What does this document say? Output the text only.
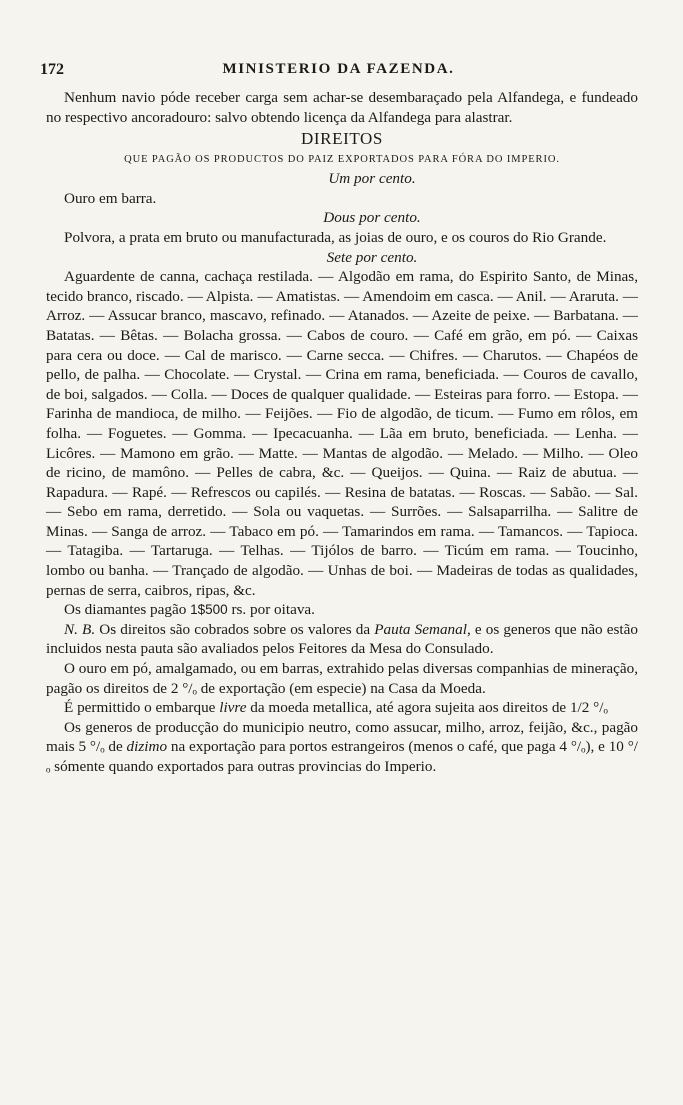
172	MINISTERIO DA FAZENDA.

Nenhum navio póde receber carga sem achar-se desembaraçado pela Alfandega, e fundeado no respectivo ancoradouro: salvo obtendo licença da Alfandega para alastrar.

DIREITOS
QUE PAGÃO OS PRODUCTOS DO PAIZ EXPORTADOS PARA FÓRA DO IMPERIO.
Um por cento.

Ouro em barra.

Dous por cento.

Polvora, a prata em bruto ou manufacturada, as joias de ouro, e os couros do Rio Grande.

Sete por cento.

Aguardente de canna, cachaça restilada. — Algodão em rama, do Espirito Santo, de Minas, tecido branco, riscado. — Alpista. — Amatistas. — Amendoim em casca. — Anil. — Araruta. — Arroz. — Assucar branco, mascavo, refinado. — Atanados. — Azeite de peixe. — Barbatana. — Batatas. — Bêtas. — Bolacha grossa. — Cabos de couro. — Café em grão, em pó. — Caixas para cera ou doce. — Cal de marisco. — Carne secca. — Chifres. — Charutos. — Chapéos de pello, de palha. — Chocolate. — Crystal. — Crina em rama, beneficiada. — Couros de cavallo, de boi, salgados. — Colla. — Doces de qualquer qualidade. — Esteiras para forro. — Estopa. — Farinha de mandioca, de milho. — Feijões. — Fio de algodão, de ticum. — Fumo em rôlos, em folha. — Foguetes. — Gomma. — Ipecacuanha. — Lãa em bruto, beneficiada. — Lenha. — Licôres. — Mamono em grão. — Matte. — Mantas de algodão. — Melado. — Milho. — Oleo de ricino, de mamôno. — Pelles de cabra, &c. — Queijos. — Quina. — Raiz de abutua. — Rapadura. — Rapé. — Refrescos ou capilés. — Resina de batatas. — Roscas. — Sabão. — Sal. — Sebo em rama, derretido. — Sola ou vaquetas. — Surrões. — Salsaparrilha. — Salitre de Minas. — Sanga de arroz. — Tabaco em pó. — Tamarindos em rama. — Tamancos. — Tapioca. — Tatagiba. — Tartaruga. — Telhas. — Tijólos de barro. — Ticúm em rama. — Toucinho, lombo ou banha. — Trançado de algodão. — Unhas de boi. — Madeiras de todas as qualidades, pernas de serra, caibros, ripas, &c.

Os diamantes pagão 1$500 rs. por oitava.

N. B. Os direitos são cobrados sobre os valores da Pauta Semanal, e os generos que não estão incluidos nesta pauta são avaliados pelos Feitores da Mesa do Consulado.

O ouro em pó, amalgamado, ou em barras, extrahido pelas diversas companhias de mineração, pagão os direitos de 2 °/ₒ de exportação (em especie) na Casa da Moeda.

É permittido o embarque livre da moeda metallica, até agora sujeita aos direitos de 1/2 °/ₒ

Os generos de producção do municipio neutro, como assucar, milho, arroz, feijão, &c., pagão mais 5 °/ₒ de dizimo na exportação para portos estrangeiros (menos o café, que paga 4 °/ₒ), e 10 °/ₒ sómente quando exportados para outras provincias do Imperio.
